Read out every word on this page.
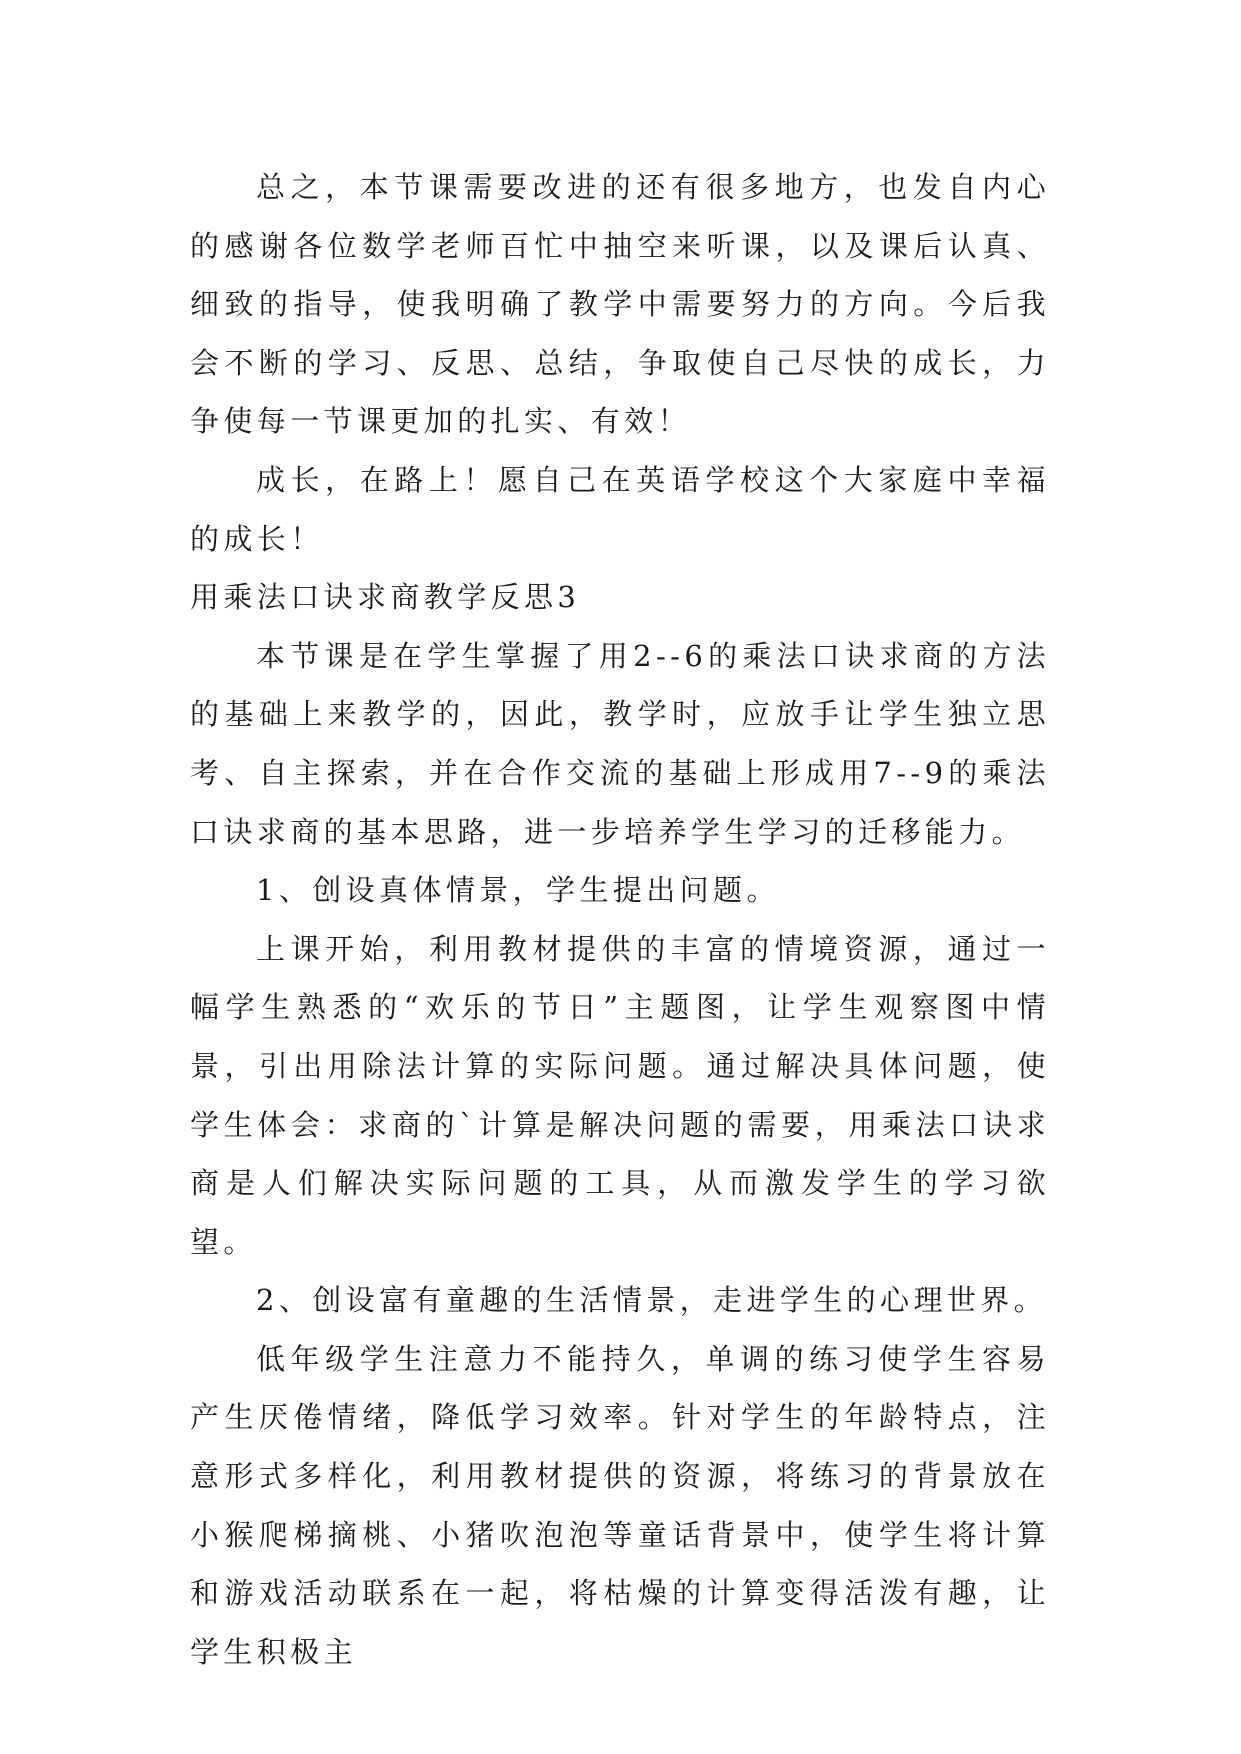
总之，本节课需要改进的还有很多地方，也发自内心的感谢各位数学老师百忙中抽空来听课，以及课后认真、细致的指导，使我明确了教学中需要努力的方向。今后我会不断的学习、反思、总结，争取使自己尽快的成长，力争使每一节课更加的扎实、有效！

成长，在路上！愿自己在英语学校这个大家庭中幸福的成长！

用乘法口诀求商教学反思3

本节课是在学生掌握了用2--6的乘法口诀求商的方法的基础上来教学的，因此，教学时，应放手让学生独立思考、自主探索，并在合作交流的基础上形成用7--9的乘法口诀求商的基本思路，进一步培养学生学习的迁移能力。

1、创设真体情景，学生提出问题。

上课开始，利用教材提供的丰富的情境资源，通过一幅学生熟悉的“欢乐的节日”主题图，让学生观察图中情景，引出用除法计算的实际问题。通过解决具体问题，使学生体会：求商的`计算是解决问题的需要，用乘法口诀求商是人们解决实际问题的工具，从而激发学生的学习欲望。

2、创设富有童趣的生活情景，走进学生的心理世界。

低年级学生注意力不能持久，单调的练习使学生容易产生厌倦情绪，降低学习效率。针对学生的年龄特点，注意形式多样化，利用教材提供的资源，将练习的背景放在小猴爬梯摘桃、小猪吹泡泡等童话背景中，使学生将计算和游戏活动联系在一起，将枯燥的计算变得活泼有趣，让学生积极主
